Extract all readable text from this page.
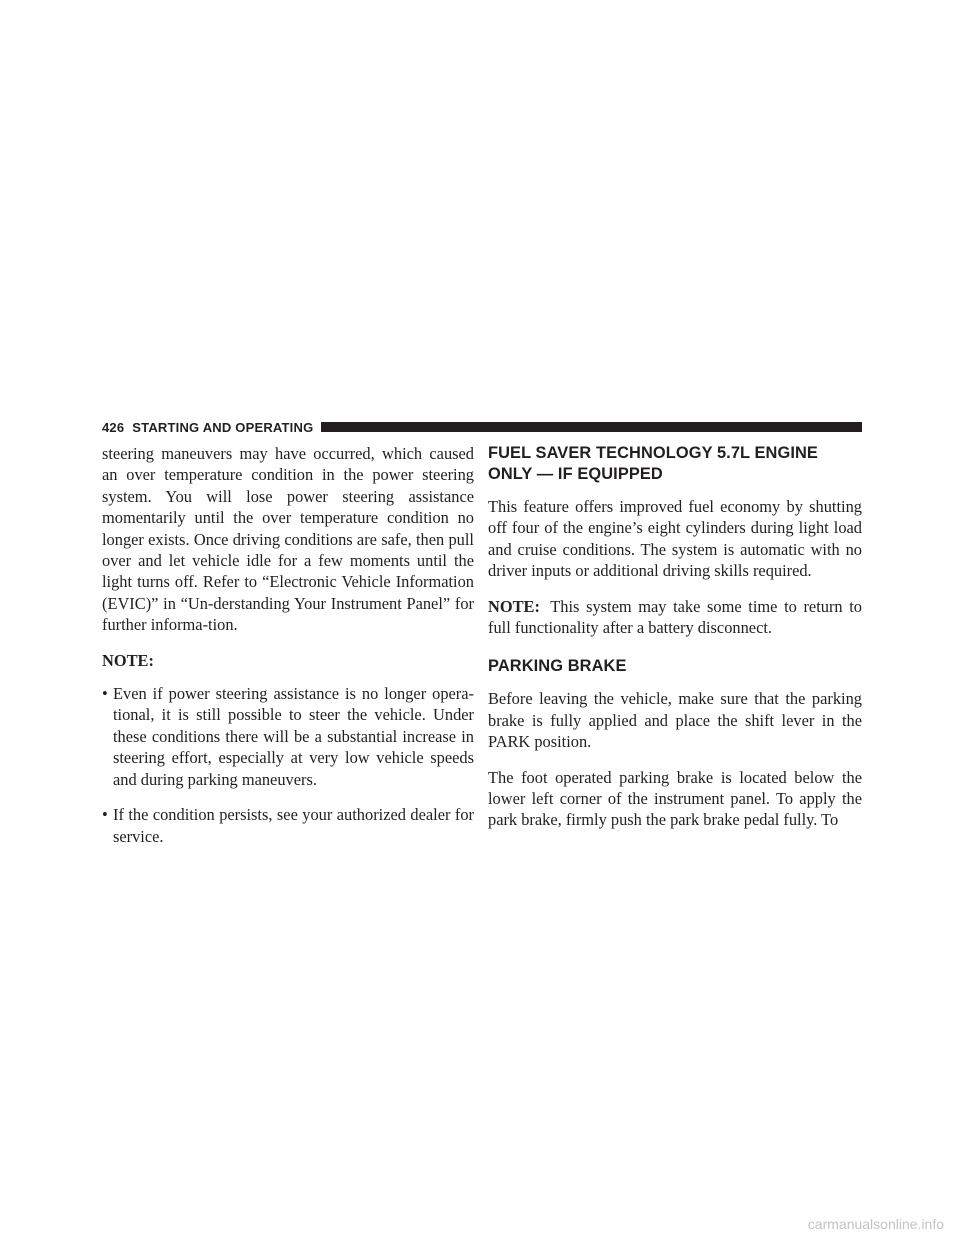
426 STARTING AND OPERATING

steering maneuvers may have occurred, which caused an over temperature condition in the power steering system. You will lose power steering assistance momentarily until the over temperature condition no longer exists. Once driving conditions are safe, then pull over and let vehicle idle for a few moments until the light turns off. Refer to “Electronic Vehicle Information (EVIC)” in “Un-derstanding Your Instrument Panel” for further informa-tion.

NOTE:
• Even if power steering assistance is no longer opera-tional, it is still possible to steer the vehicle. Under these conditions there will be a substantial increase in steering effort, especially at very low vehicle speeds and during parking maneuvers.
• If the condition persists, see your authorized dealer for service.
FUEL SAVER TECHNOLOGY 5.7L ENGINE ONLY — IF EQUIPPED

This feature offers improved fuel economy by shutting off four of the engine’s eight cylinders during light load and cruise conditions. The system is automatic with no driver inputs or additional driving skills required.

NOTE: This system may take some time to return to full functionality after a battery disconnect.

PARKING BRAKE

Before leaving the vehicle, make sure that the parking brake is fully applied and place the shift lever in the PARK position.

The foot operated parking brake is located below the lower left corner of the instrument panel. To apply the park brake, firmly push the park brake pedal fully. To

carmanualsonline.info
